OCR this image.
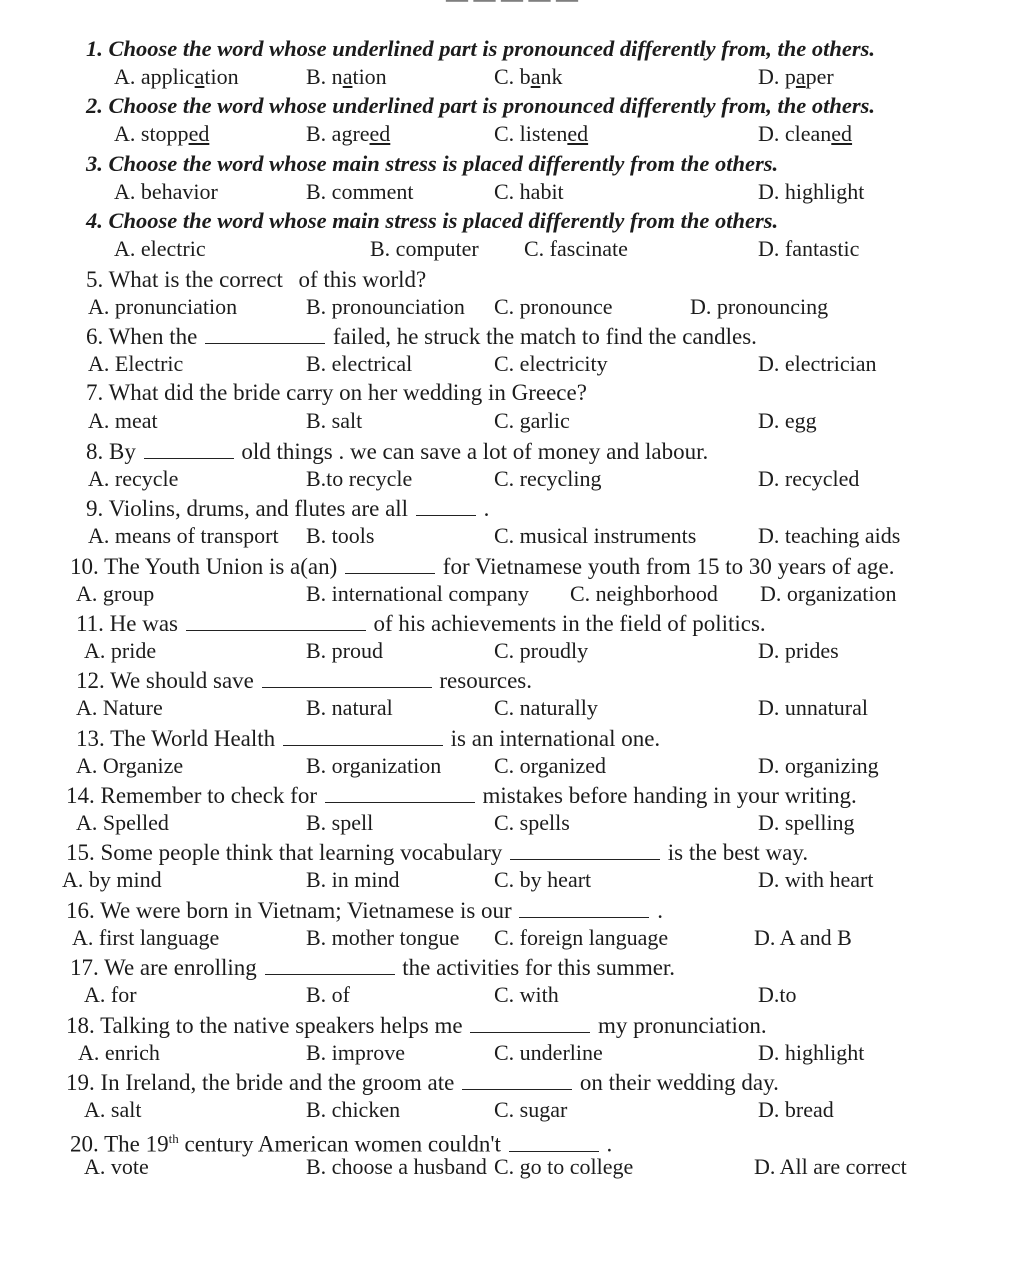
1. Choose the word whose underlined part is pronounced differently from, the others.
A. application	B. nation	C. bank	D. paper
2. Choose the word whose underlined part is pronounced differently from, the others.
A. stopped	B. agreed	C. listened	D. cleaned
3. Choose the word whose main stress is placed differently from the others.
A. behavior	B. comment	C. habit	D. highlight
4. Choose the word whose main stress is placed differently from the others.
A. electric	B. computer C. fascinate	D. fantastic
5. What is the correct  of this world?
A. pronunciation	B. pronounciation C. pronounce	D. pronouncing
6. When the	failed, he struck the match to find the candles.
A. Electric	B. electrical	C. electricity	D. electrician
7. What did the bride carry on her wedding in Greece?
A. meat	B. salt	C. garlic	D. egg
8. By	old things . we can save a lot of money and labour.
A. recycle	B.to recycle	C. recycling	D. recycled
9. Violins, drums, and flutes are all	.
A. means of transport B. tools	C. musical instruments	D. teaching aids
10. The Youth Union is a(an)	for Vietnamese youth from 15 to 30 years of age.
A. group	B. international company C. neighborhood D. organization
11. He was	of his achievements in the field of politics.
A. pride	B. proud	C. proudly	D. prides
12. We should save	resources.
A. Nature	B. natural	C. naturally	D. unnatural
13. The World Health	is an international one.
A. Organize	B. organization C. organized	D. organizing
14. Remember to check for	mistakes before handing in your writing.
A. Spelled	B. spell	C. spells	D. spelling
15. Some people think that learning vocabulary	is the best way.
A. by mind	B. in mind	C. by heart	D. with heart
16. We were born in Vietnam; Vietnamese is our	.
A. first language	B. mother tongue C. foreign language	D. A and B
17. We are enrolling	the activities for this summer.
A. for	B. of	C. with	D.to
18. Talking to the native speakers helps me	my pronunciation.
A. enrich	B. improve	C. underline	D. highlight
19. In Ireland, the bride and the groom ate	on their wedding day.
A. salt	B. chicken	C. sugar	D. bread
20. The 19th century American women couldn't	.
A. vote	B. choose a husband C. go to college	D. All are correct
